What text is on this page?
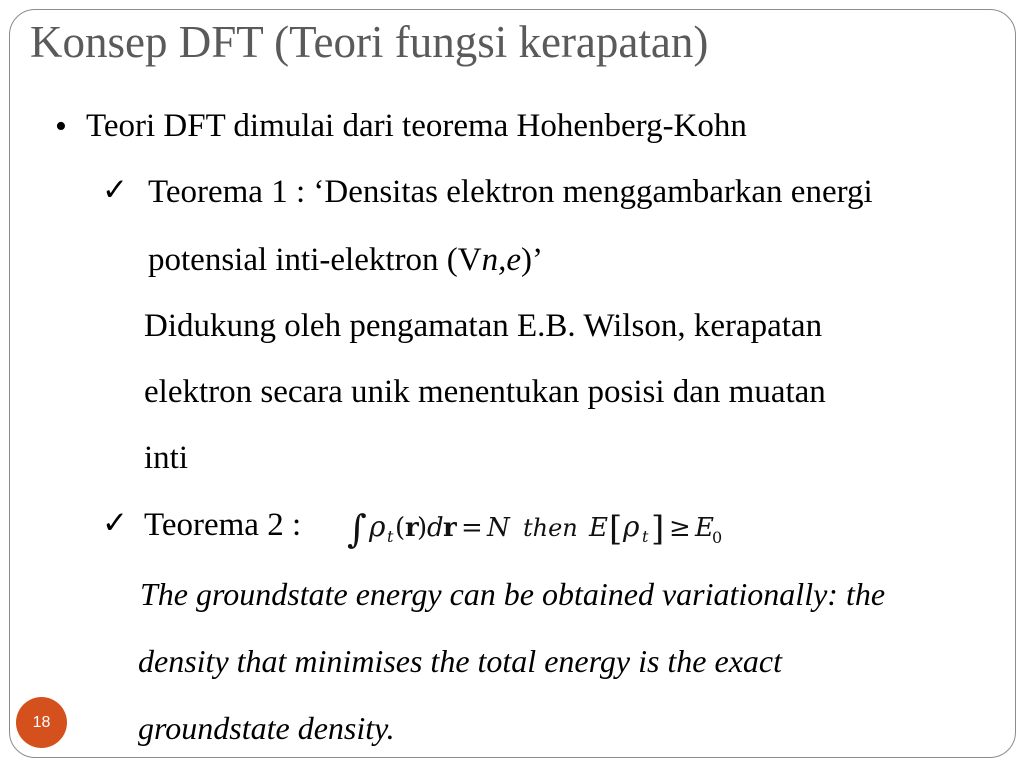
Konsep DFT (Teori fungsi kerapatan)
• Teori DFT dimulai dari teorema Hohenberg-Kohn
✓ Teorema 1 : ‘Densitas elektron menggambarkan energi
potensial inti-elektron (Vn,e)’
Didukung oleh pengamatan E.B. Wilson, kerapatan
elektron secara unik menentukan posisi dan muatan
inti
✓ Teorema 2 : ∫ ρ t ( r
) d r = N then E [ ρ t ] ≥ E
0
The groundstate energy can be obtained variationally: the
density that minimises the total energy is the exact
groundstate density.
18
